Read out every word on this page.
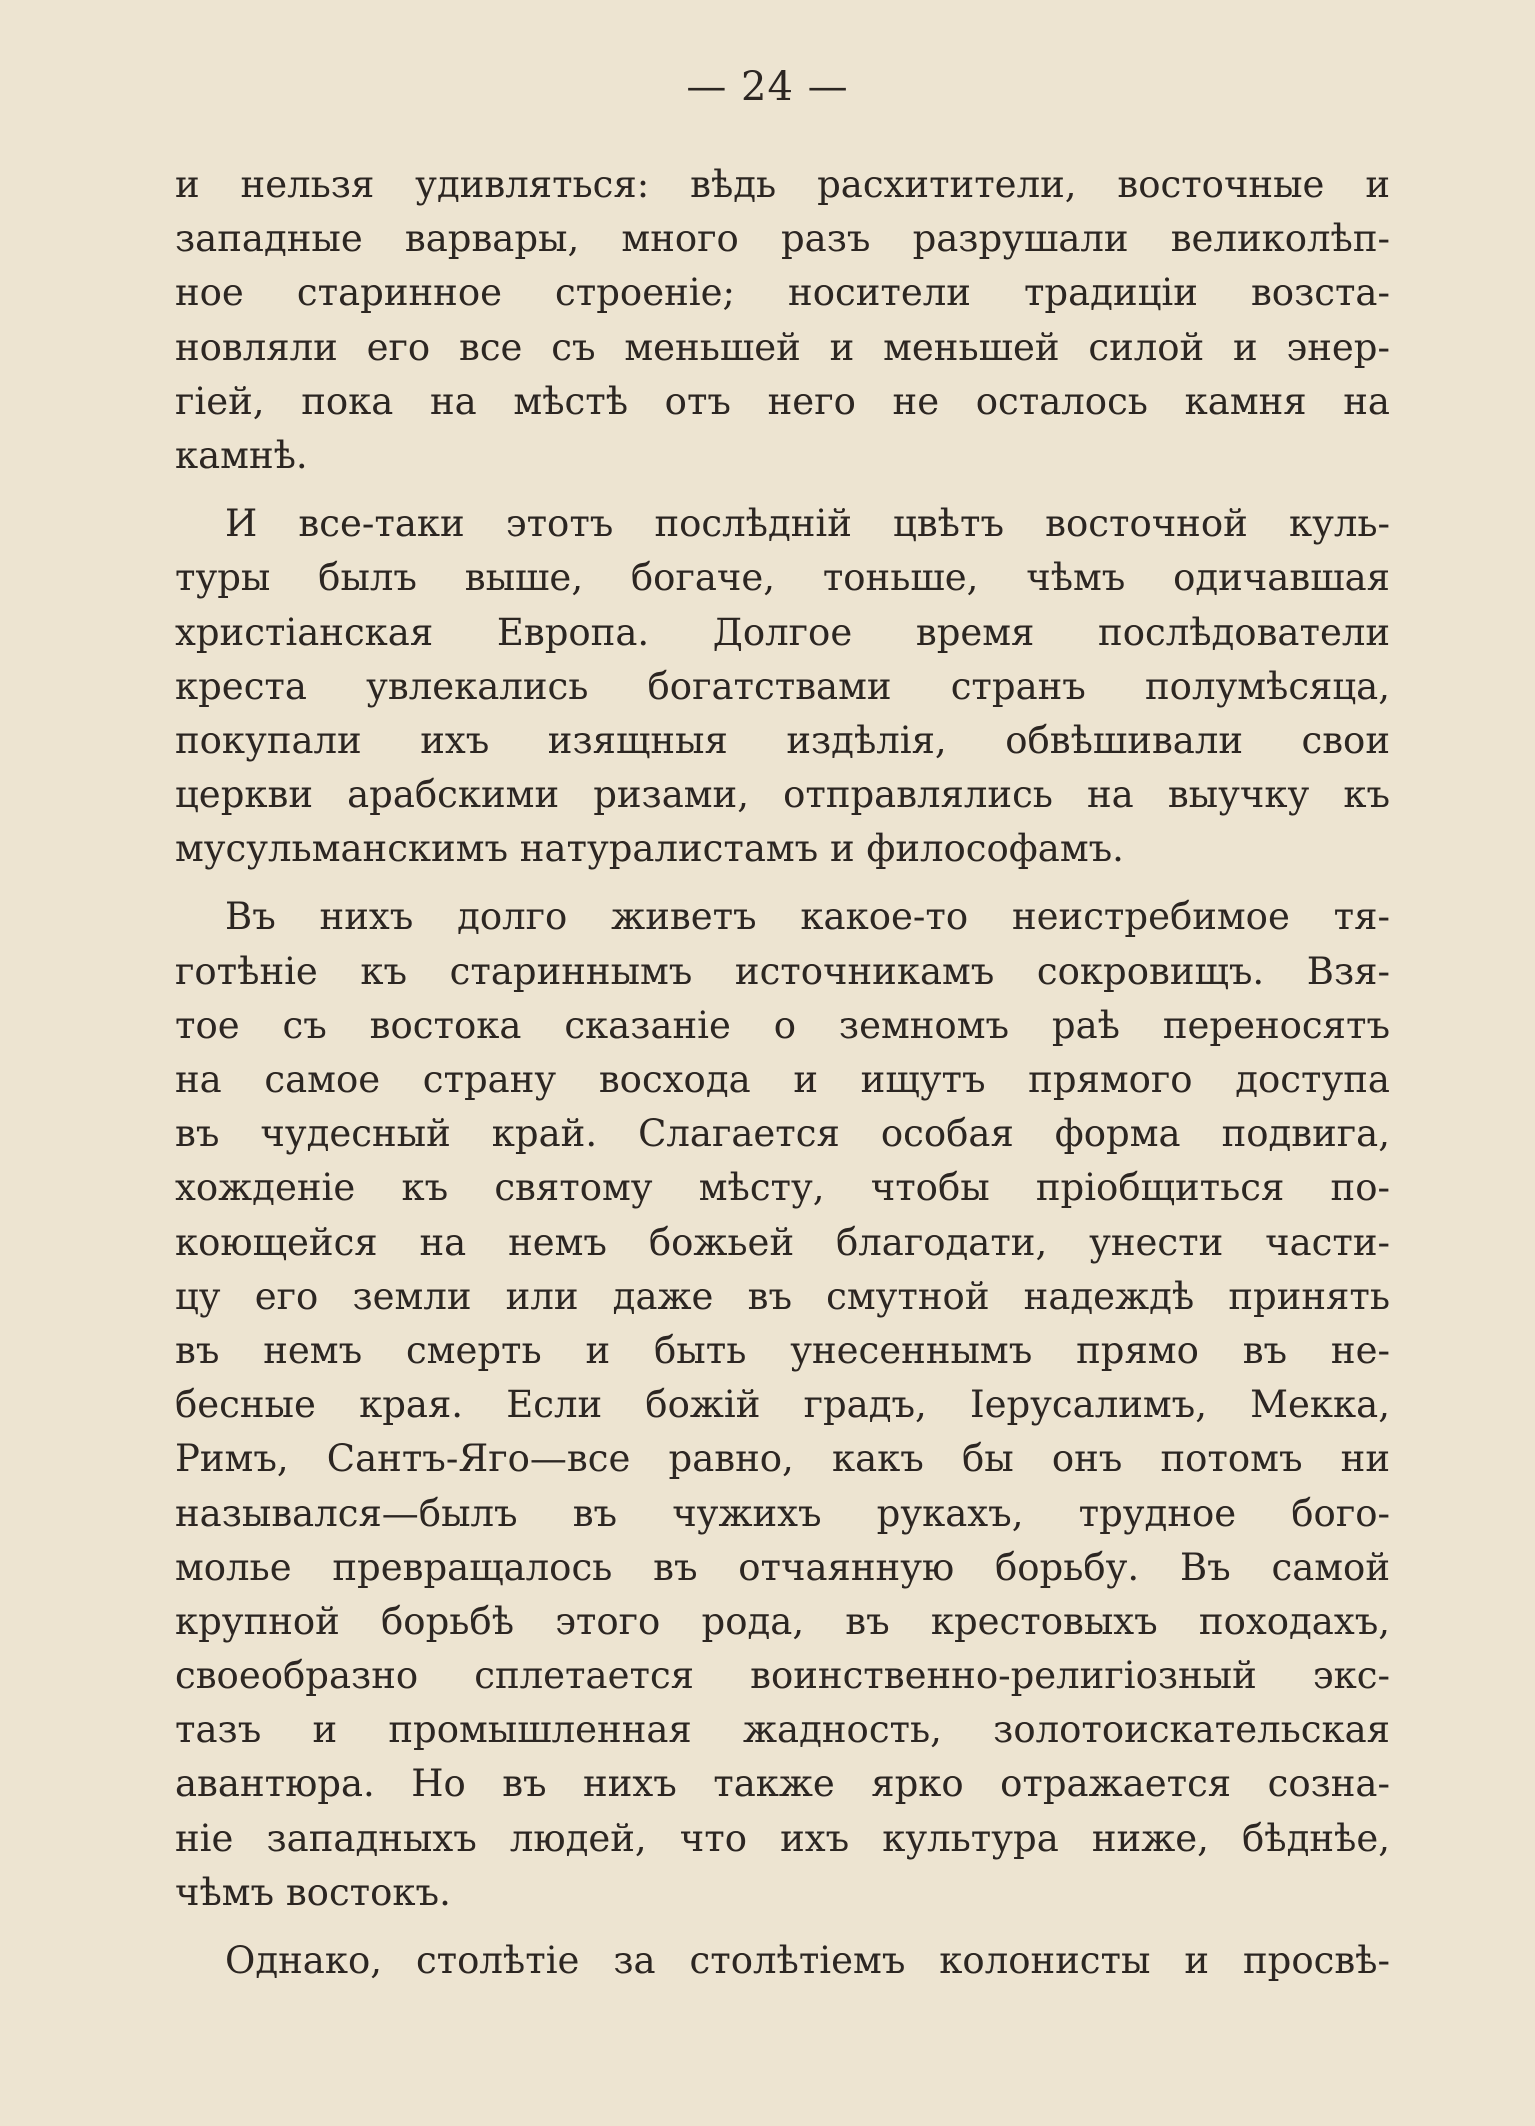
— 24 —
и нельзя удивляться: вѣдь расхитители, восточные и
западные варвары, много разъ разрушали великолѣп-
ное старинное строеніе; носители традиціи возста-
новляли его все съ меньшей и меньшей силой и энер-
гіей, пока на мѣстѣ отъ него не осталось камня на
камнѣ.
И все-таки этотъ послѣдній цвѣтъ восточной куль-
туры былъ выше, богаче, тоньше, чѣмъ одичавшая
христіанская Европа. Долгое время послѣдователи
креста увлекались богатствами странъ полумѣсяца,
покупали ихъ изящныя издѣлія, обвѣшивали свои
церкви арабскими ризами, отправлялись на выучку къ
мусульманскимъ натуралистамъ и философамъ.
Въ нихъ долго живетъ какое-то неистребимое тя-
готѣніе къ стариннымъ источникамъ сокровищъ. Взя-
тое съ востока сказаніе о земномъ раѣ переносятъ
на самое страну восхода и ищутъ прямого доступа
въ чудесный край. Слагается особая форма подвига,
хожденіе къ святому мѣсту, чтобы пріобщиться по-
коющейся на немъ божьей благодати, унести части-
цу его земли или даже въ смутной надеждѣ принять
въ немъ смерть и быть унесеннымъ прямо въ не-
бесные края. Если божій градъ, Іерусалимъ, Мекка,
Римъ, Сантъ-Яго—все равно, какъ бы онъ потомъ ни
назывался—былъ въ чужихъ рукахъ, трудное бого-
молье превращалось въ отчаянную борьбу. Въ самой
крупной борьбѣ этого рода, въ крестовыхъ походахъ,
своеобразно сплетается воинственно-религіозный экс-
тазъ и промышленная жадность, золотоискательская
авантюра. Но въ нихъ также ярко отражается созна-
ніе западныхъ людей, что ихъ культура ниже, бѣднѣе,
чѣмъ востокъ.
Однако, столѣтіе за столѣтіемъ колонисты и просвѣ-
